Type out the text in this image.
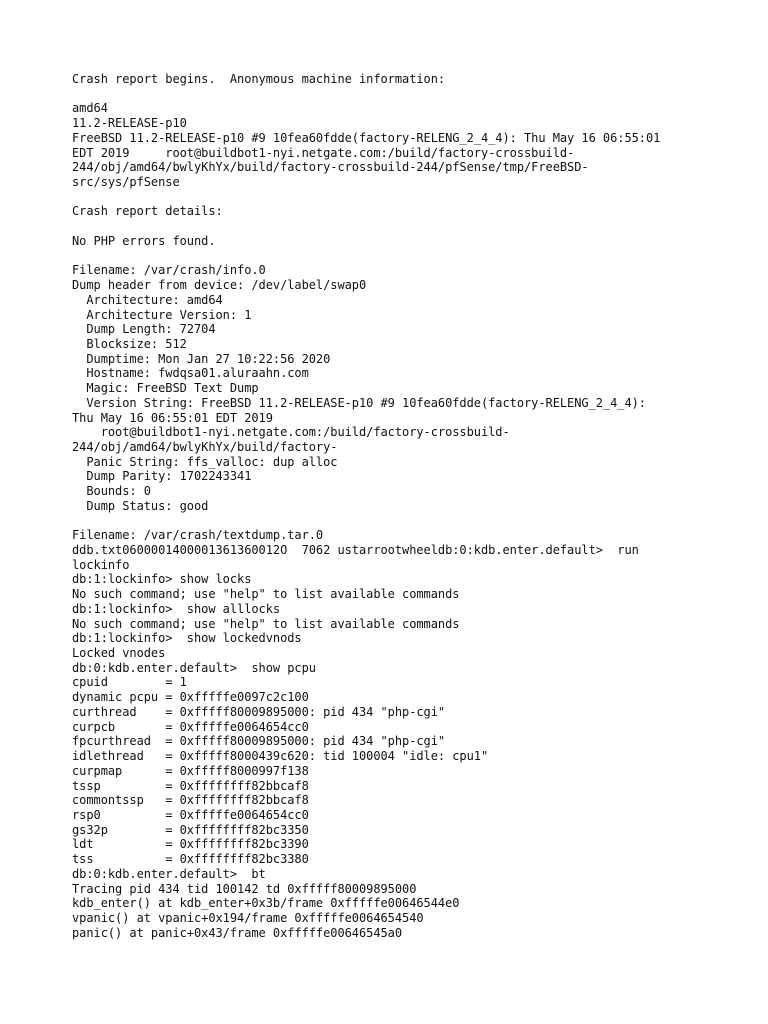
Crash report begins.  Anonymous machine information:
amd64
11.2-RELEASE-p10
FreeBSD 11.2-RELEASE-p10 #9 10fea60fdde(factory-RELENG_2_4_4): Thu May 16 06:55:01
EDT 2019     root@buildbot1-nyi.netgate.com:/build/factory-crossbuild-
244/obj/amd64/bwlyKhYx/build/factory-crossbuild-244/pfSense/tmp/FreeBSD-
src/sys/pfSense
Crash report details:
No PHP errors found.
Filename: /var/crash/info.0
Dump header from device: /dev/label/swap0
Architecture: amd64
Architecture Version: 1
Dump Length: 72704
Blocksize: 512
Dumptime: Mon Jan 27 10:22:56 2020
Hostname: fwdqsa01.aluraahn.com
Magic: FreeBSD Text Dump
Version String: FreeBSD 11.2-RELEASE-p10 #9 10fea60fdde(factory-RELENG_2_4_4):
Thu May 16 06:55:01 EDT 2019
root@buildbot1-nyi.netgate.com:/build/factory-crossbuild-
244/obj/amd64/bwlyKhYx/build/factory-
Panic String: ffs_valloc: dup alloc
Dump Parity: 1702243341
Bounds: 0
Dump Status: good
Filename: /var/crash/textdump.tar.0
ddb.txt0600001400001361360012O  7062 ustarrootwheeldb:0:kdb.enter.default>  run
lockinfo
db:1:lockinfo> show locks
No such command; use "help" to list available commands
db:1:lockinfo>  show alllocks
No such command; use "help" to list available commands
db:1:lockinfo>  show lockedvnods
Locked vnodes
db:0:kdb.enter.default>  show pcpu
cpuid        = 1
dynamic pcpu = 0xfffffe0097c2c100
curthread    = 0xfffff80009895000: pid 434 "php-cgi"
curpcb       = 0xfffffe0064654cc0
fpcurthread  = 0xfffff80009895000: pid 434 "php-cgi"
idlethread   = 0xfffff8000439c620: tid 100004 "idle: cpu1"
curpmap      = 0xfffff8000997f138
tssp         = 0xffffffff82bbcaf8
commontssp   = 0xffffffff82bbcaf8
rsp0         = 0xfffffe0064654cc0
gs32p        = 0xffffffff82bc3350
ldt          = 0xffffffff82bc3390
tss          = 0xffffffff82bc3380
db:0:kdb.enter.default>  bt
Tracing pid 434 tid 100142 td 0xfffff80009895000
kdb_enter() at kdb_enter+0x3b/frame 0xfffffe00646544e0
vpanic() at vpanic+0x194/frame 0xfffffe0064654540
panic() at panic+0x43/frame 0xfffffe00646545a0
